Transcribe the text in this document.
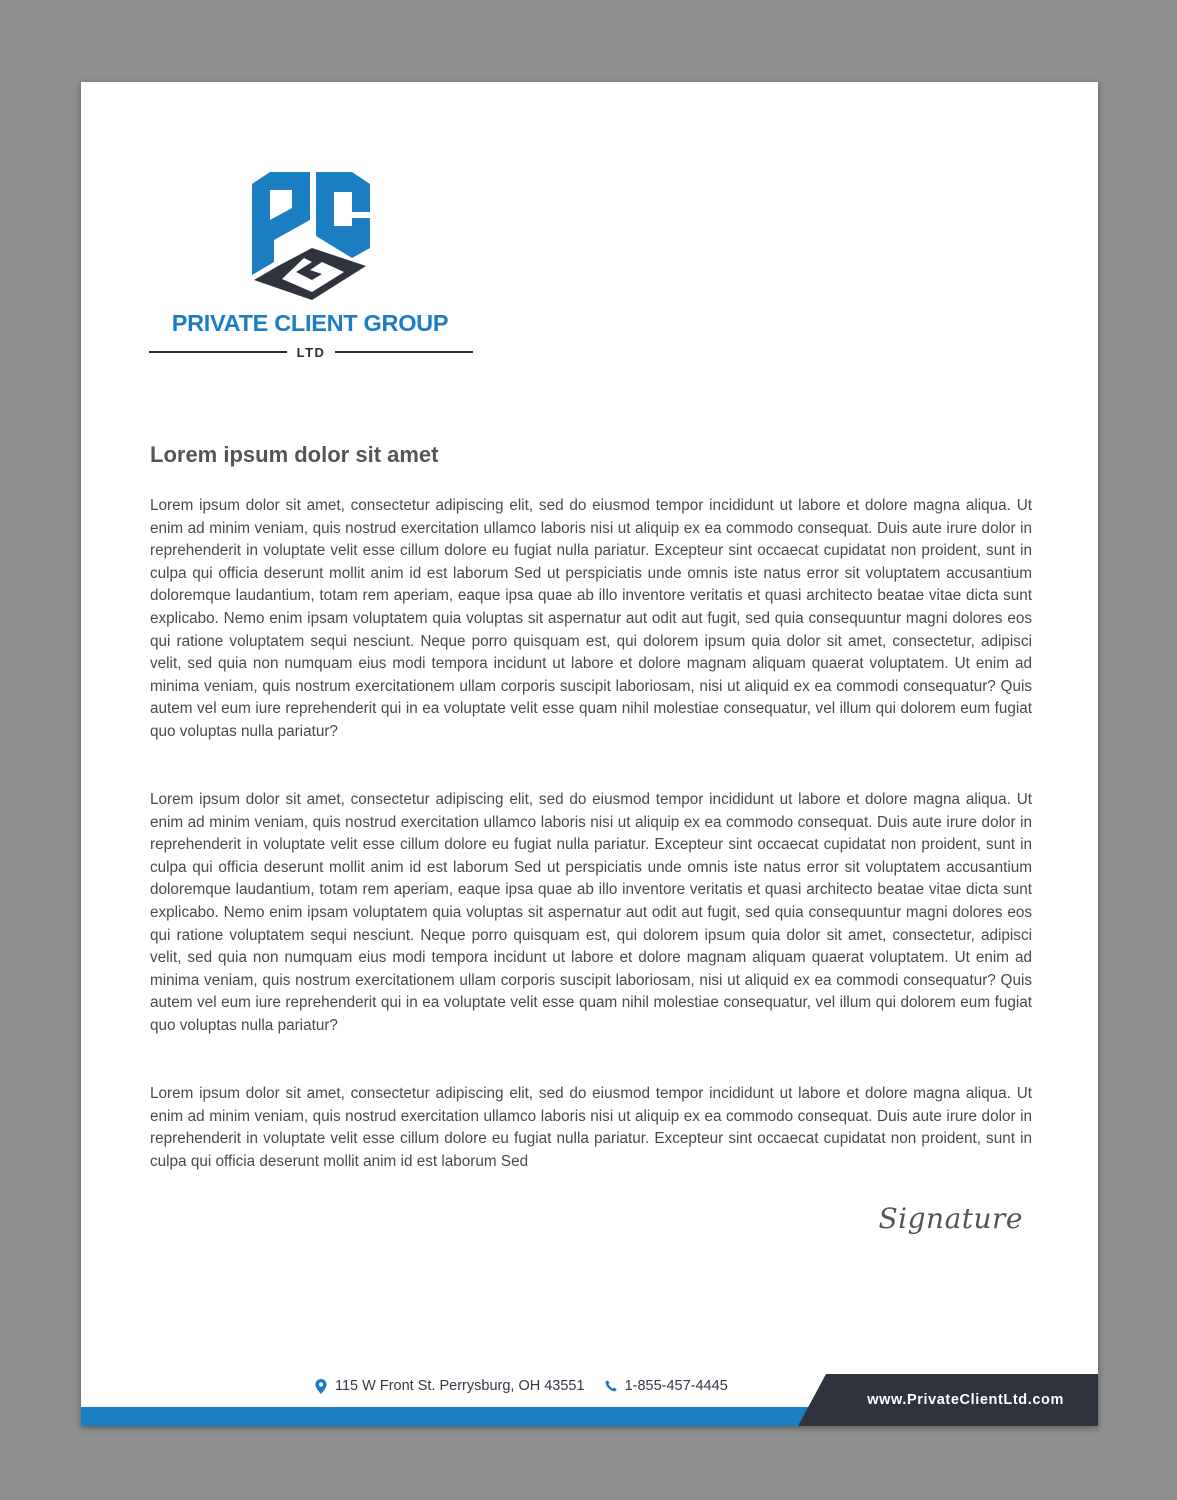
PRIVATE CLIENT GROUP
LTD
Lorem ipsum dolor sit amet

Lorem ipsum dolor sit amet, consectetur adipiscing elit, sed do eiusmod tempor incididunt ut labore et dolore magna aliqua. Ut enim ad minim veniam, quis nostrud exercitation ullamco laboris nisi ut aliquip ex ea commodo consequat. Duis aute irure dolor in reprehenderit in voluptate velit esse cillum dolore eu fugiat nulla pariatur. Excepteur sint occaecat cupidatat non proident, sunt in culpa qui officia deserunt mollit anim id est laborum Sed ut perspiciatis unde omnis iste natus error sit voluptatem accusantium doloremque laudantium, totam rem aperiam, eaque ipsa quae ab illo inventore veritatis et quasi architecto beatae vitae dicta sunt explicabo. Nemo enim ipsam voluptatem quia voluptas sit aspernatur aut odit aut fugit, sed quia consequuntur magni dolores eos qui ratione voluptatem sequi nesciunt. Neque porro quisquam est, qui dolorem ipsum quia dolor sit amet, consectetur, adipisci velit, sed quia non numquam eius modi tempora incidunt ut labore et dolore magnam aliquam quaerat voluptatem. Ut enim ad minima veniam, quis nostrum exercitationem ullam corporis suscipit laboriosam, nisi ut aliquid ex ea commodi consequatur? Quis autem vel eum iure reprehenderit qui in ea voluptate velit esse quam nihil molestiae consequatur, vel illum qui dolorem eum fugiat quo voluptas nulla pariatur?

Lorem ipsum dolor sit amet, consectetur adipiscing elit, sed do eiusmod tempor incididunt ut labore et dolore magna aliqua. Ut enim ad minim veniam, quis nostrud exercitation ullamco laboris nisi ut aliquip ex ea commodo consequat. Duis aute irure dolor in reprehenderit in voluptate velit esse cillum dolore eu fugiat nulla pariatur. Excepteur sint occaecat cupidatat non proident, sunt in culpa qui officia deserunt mollit anim id est laborum Sed ut perspiciatis unde omnis iste natus error sit voluptatem accusantium doloremque laudantium, totam rem aperiam, eaque ipsa quae ab illo inventore veritatis et quasi architecto beatae vitae dicta sunt explicabo. Nemo enim ipsam voluptatem quia voluptas sit aspernatur aut odit aut fugit, sed quia consequuntur magni dolores eos qui ratione voluptatem sequi nesciunt. Neque porro quisquam est, qui dolorem ipsum quia dolor sit amet, consectetur, adipisci velit, sed quia non numquam eius modi tempora incidunt ut labore et dolore magnam aliquam quaerat voluptatem. Ut enim ad minima veniam, quis nostrum exercitationem ullam corporis suscipit laboriosam, nisi ut aliquid ex ea commodi consequatur? Quis autem vel eum iure reprehenderit qui in ea voluptate velit esse quam nihil molestiae consequatur, vel illum qui dolorem eum fugiat quo voluptas nulla pariatur?

Lorem ipsum dolor sit amet, consectetur adipiscing elit, sed do eiusmod tempor incididunt ut labore et dolore magna aliqua. Ut enim ad minim veniam, quis nostrud exercitation ullamco laboris nisi ut aliquip ex ea commodo consequat. Duis aute irure dolor in reprehenderit in voluptate velit esse cillum dolore eu fugiat nulla pariatur. Excepteur sint occaecat cupidatat non proident, sunt in culpa qui officia deserunt mollit anim id est laborum Sed

Signature
115 W Front St. Perrysburg, OH 43551	1-855-457-4445
www.PrivateClientLtd.com
